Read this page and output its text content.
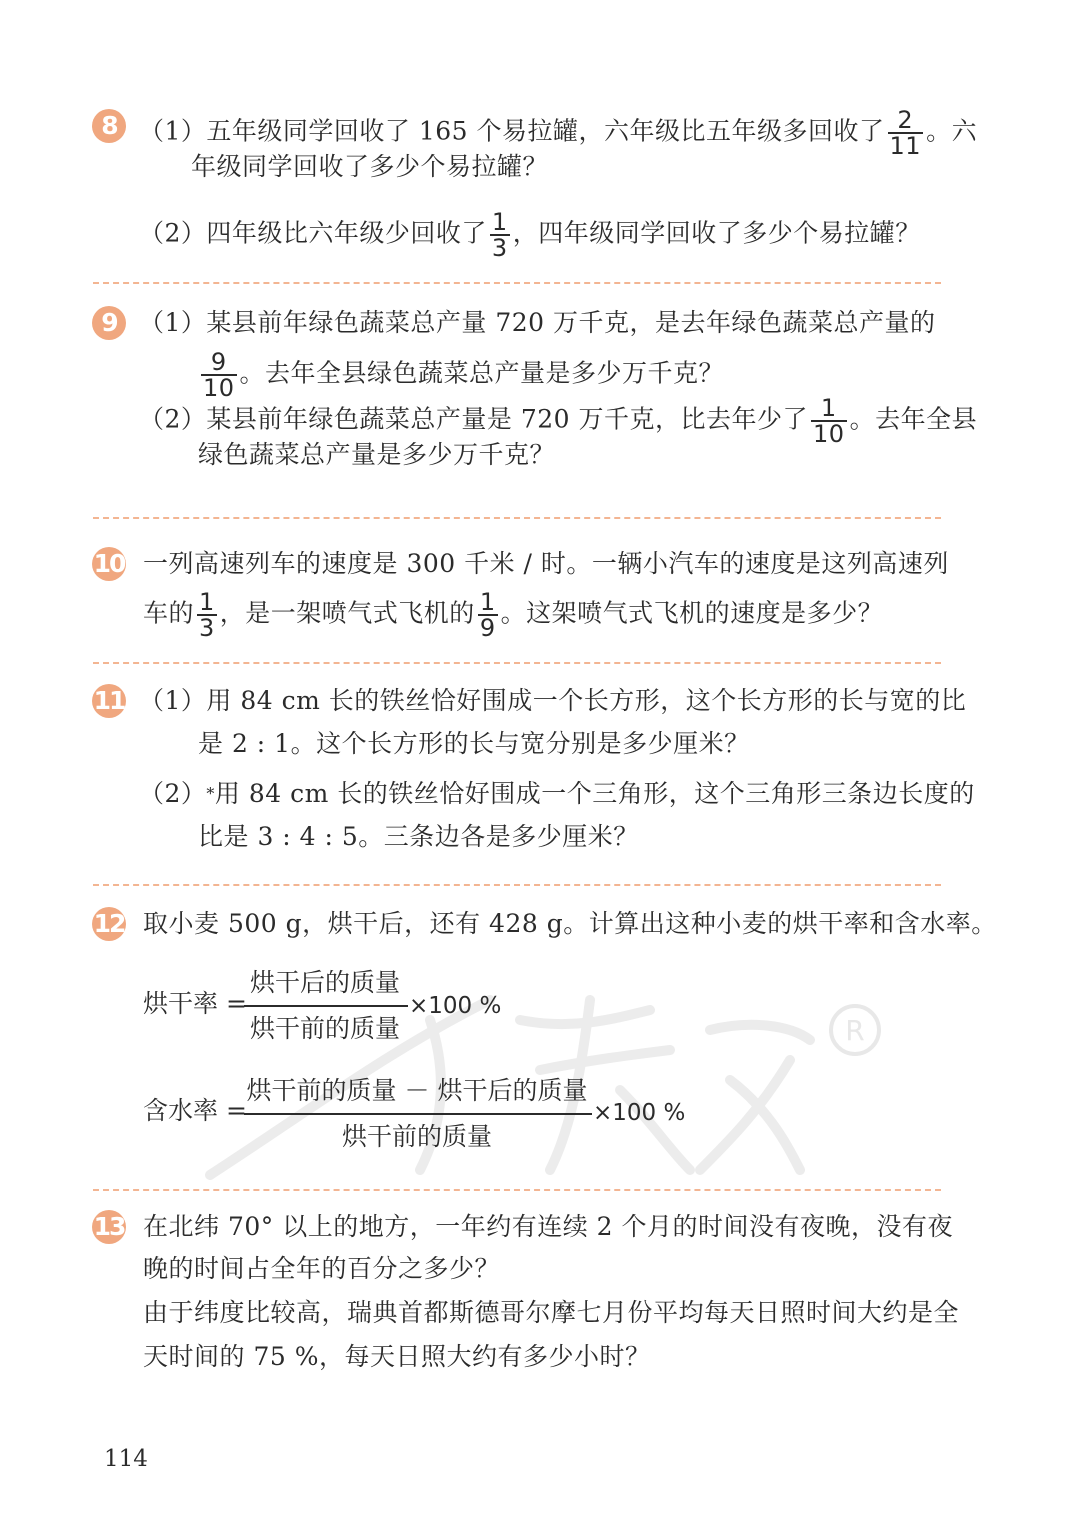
R
8 （1）五年级同学回收了 165 个易拉罐，六年级比五年级多回收了 $\frac{2}{11}$ 。六
年级同学回收了多少个易拉罐？
（2）四年级比六年级少回收了 $\frac{1}{3}$ ，四年级同学回收了多少个易拉罐？
9 （1）某县前年绿色蔬菜总产量 720 万千克，是去年绿色蔬菜总产量的
$\frac{9}{10}$ 。去年全县绿色蔬菜总产量是多少万千克？
（2）某县前年绿色蔬菜总产量是 720 万千克，比去年少了 $\frac{1}{10}$ 。去年全县
绿色蔬菜总产量是多少万千克？
10 一列高速列车的速度是 300 千米 / 时。一辆小汽车的速度是这列高速列
车的 $\frac{1}{3}$ ，是一架喷气式飞机的 $\frac{1}{9}$ 。这架喷气式飞机的速度是多少？
11 （1）用 84 cm 长的铁丝恰好围成一个长方形，这个长方形的长与宽的比
是 2 : 1。这个长方形的长与宽分别是多少厘米？
（2）*用 84 cm 长的铁丝恰好围成一个三角形，这个三角形三条边长度的
比是 3 : 4 : 5。三条边各是多少厘米？
12 取小麦 500 g，烘干后，还有 428 g。计算出这种小麦的烘干率和含水率。
烘干率 =
烘干后的质量
烘干前的质量
×100 %
含水率 =
烘干前的质量 － 烘干后的质量
烘干前的质量
×100 %
13 在北纬 70° 以上的地方，一年约有连续 2 个月的时间没有夜晚，没有夜
晚的时间占全年的百分之多少？
由于纬度比较高，瑞典首都斯德哥尔摩七月份平均每天日照时间大约是全
天时间的 75 %，每天日照大约有多少小时？
114
